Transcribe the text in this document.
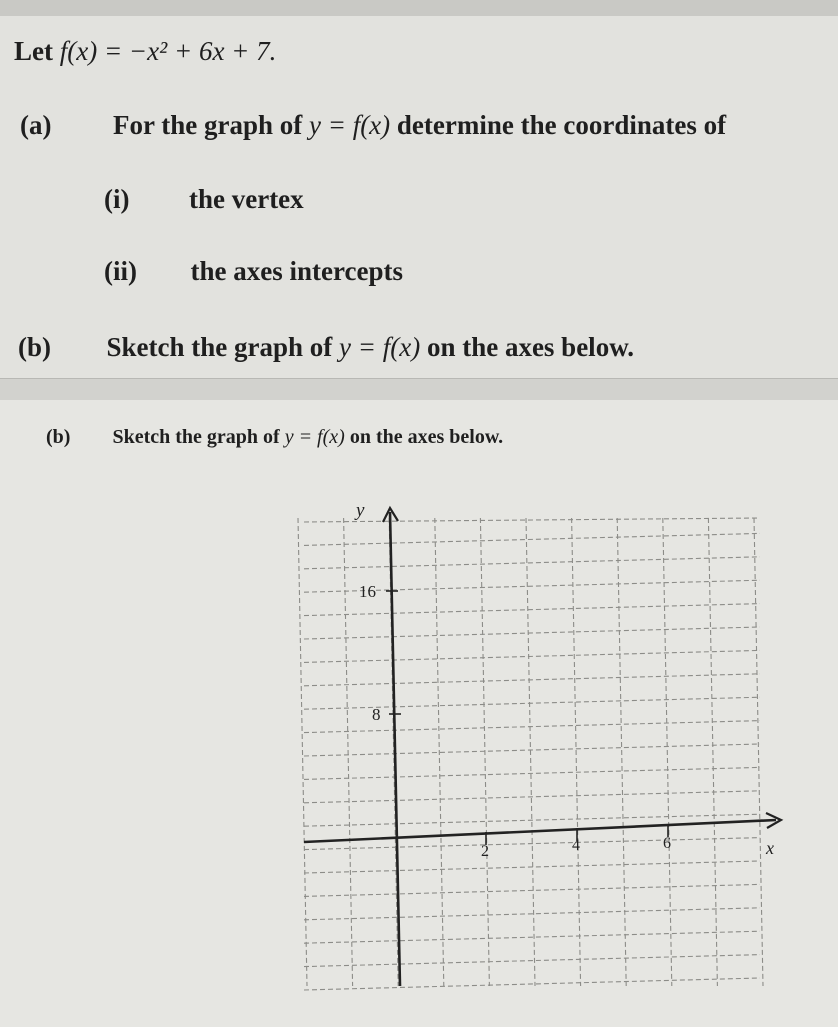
Let f(x) = −x² + 6x + 7.
(a) For the graph of y = f(x) determine the coordinates of
(i) the vertex
(ii) the axes intercepts
(b) Sketch the graph of y = f(x) on the axes below.
(b) Sketch the graph of y = f(x) on the axes below.
2	4	6	x
16
8
y
